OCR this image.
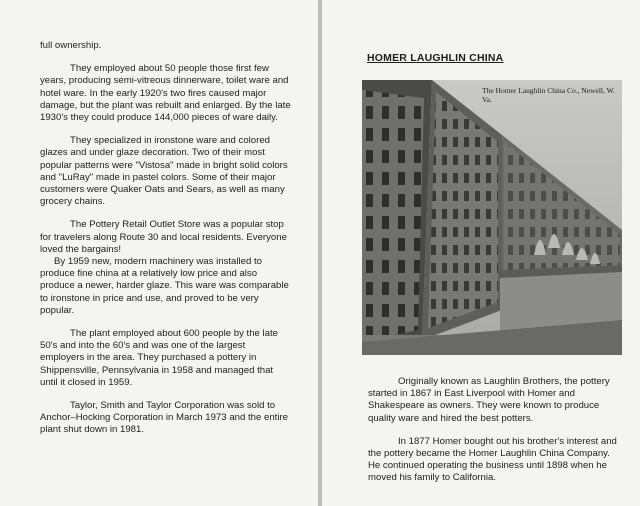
full ownership.

They employed about 50 people those first few years, producing semi-vitreous dinnerware, toilet ware and hotel ware. In the early 1920's two fires caused major damage, but the plant was rebuilt and enlarged. By the late 1930's they could produce 144,000 pieces of ware daily.

They specialized in ironstone ware and colored glazes and under glaze decoration. Two of their most popular patterns were "Vistosa" made in bright solid colors and "LuRay" made in pastel colors. Some of their major customers were Quaker Oats and Sears, as well as many grocery chains.

The Pottery Retail Outlet Store was a popular stop for travelers along Route 30 and local residents. Everyone loved the bargains!

By 1959 new, modern machinery was installed to produce fine china at a relatively low price and also produce a newer, harder glaze. This ware was comparable to ironstone in price and use, and proved to be very popular.

The plant employed about 600 people by the late 50's and into the 60's and was one of the largest employers in the area. They purchased a pottery in Shippensville, Pennsylvania in 1958 and managed that until it closed in 1959.

Taylor, Smith and Taylor Corporation was sold to Anchor–Hocking Corporation in March 1973 and the entire plant shut down in 1981.

HOMER LAUGHLIN CHINA
The Homer Laughlin China Co., Newell, W. Va.

Originally known as Laughlin Brothers, the pottery started in 1867 in East Liverpool with Homer and Shakespeare as owners. They were known to produce quality ware and hired the best potters.

In 1877 Homer bought out his brother's interest and the pottery became the Homer Laughlin China Company. He continued operating the business until 1898 when he moved his family to California.
